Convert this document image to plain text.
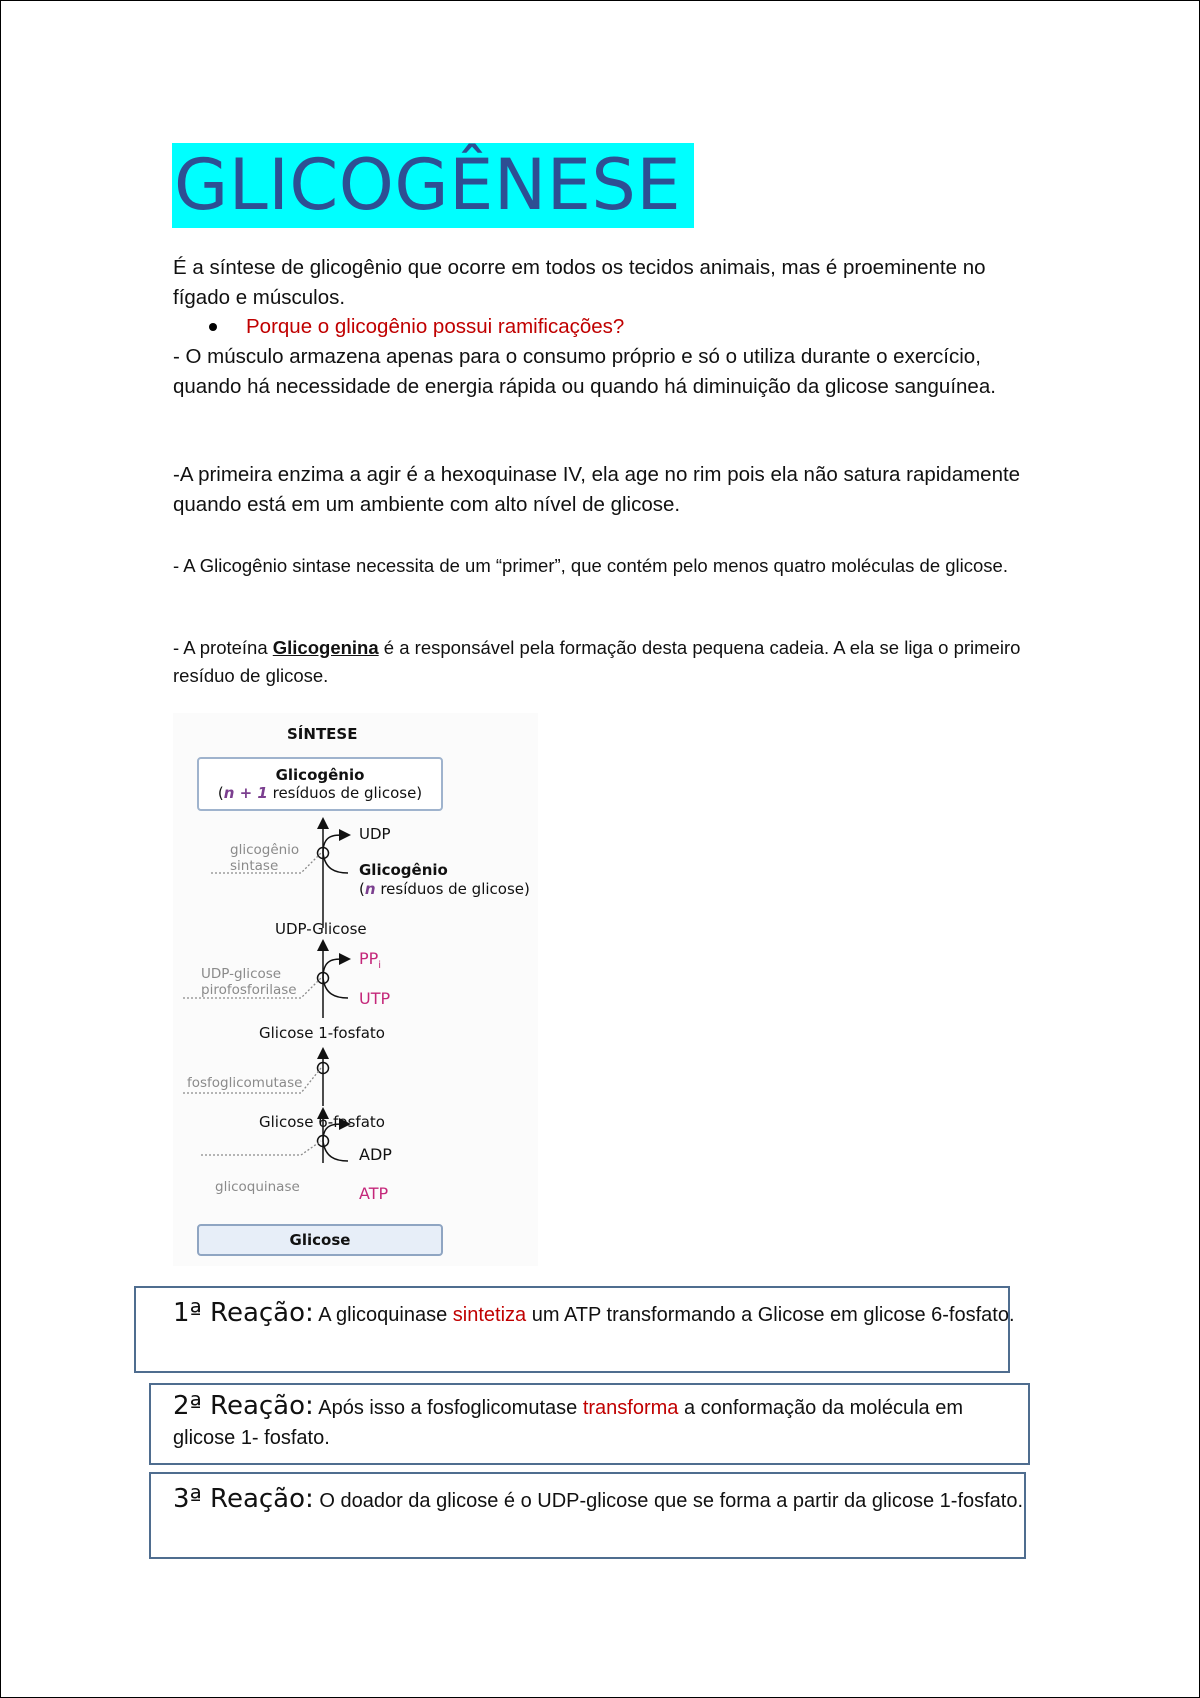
GLICOGÊNESE
É a síntese de glicogênio que ocorre em todos os tecidos animais, mas é proeminente no fígado e músculos.
Porque o glicogênio possui ramificações?
- O músculo armazena apenas para o consumo próprio e só o utiliza durante o exercício, quando há necessidade de energia rápida ou quando há diminuição da glicose sanguínea.
-A primeira enzima a agir é a hexoquinase IV, ela age no rim pois ela não satura rapidamente quando está em um ambiente com alto nível de glicose.
- A Glicogênio sintase necessita de um “primer”, que contém pelo menos quatro moléculas de glicose.
- A proteína Glicogenina é a responsável pela formação desta pequena cadeia. A ela se liga o primeiro resíduo de glicose.
SÍNTESE
Glicogênio
(n + 1 resíduos de glicose)
UDP
glicogênio
sintase	Glicogênio
(n resíduos de glicose)
UDP-Glicose
$PP_i$
UDP-glicose
pirofosforilase	UTP
Glicose 1-fosfato
fosfoglicomutase
Glicose 6-fosfato
ADP
glicoquinase	ATP
Glicose
1ª Reação: A glicoquinase sintetiza um ATP transformando a Glicose em glicose 6-fosfato.
2ª Reação: Após isso a fosfoglicomutase transforma a conformação da molécula em glicose 1- fosfato.
3ª Reação: O doador da glicose é o UDP-glicose que se forma a partir da glicose 1-fosfato.
